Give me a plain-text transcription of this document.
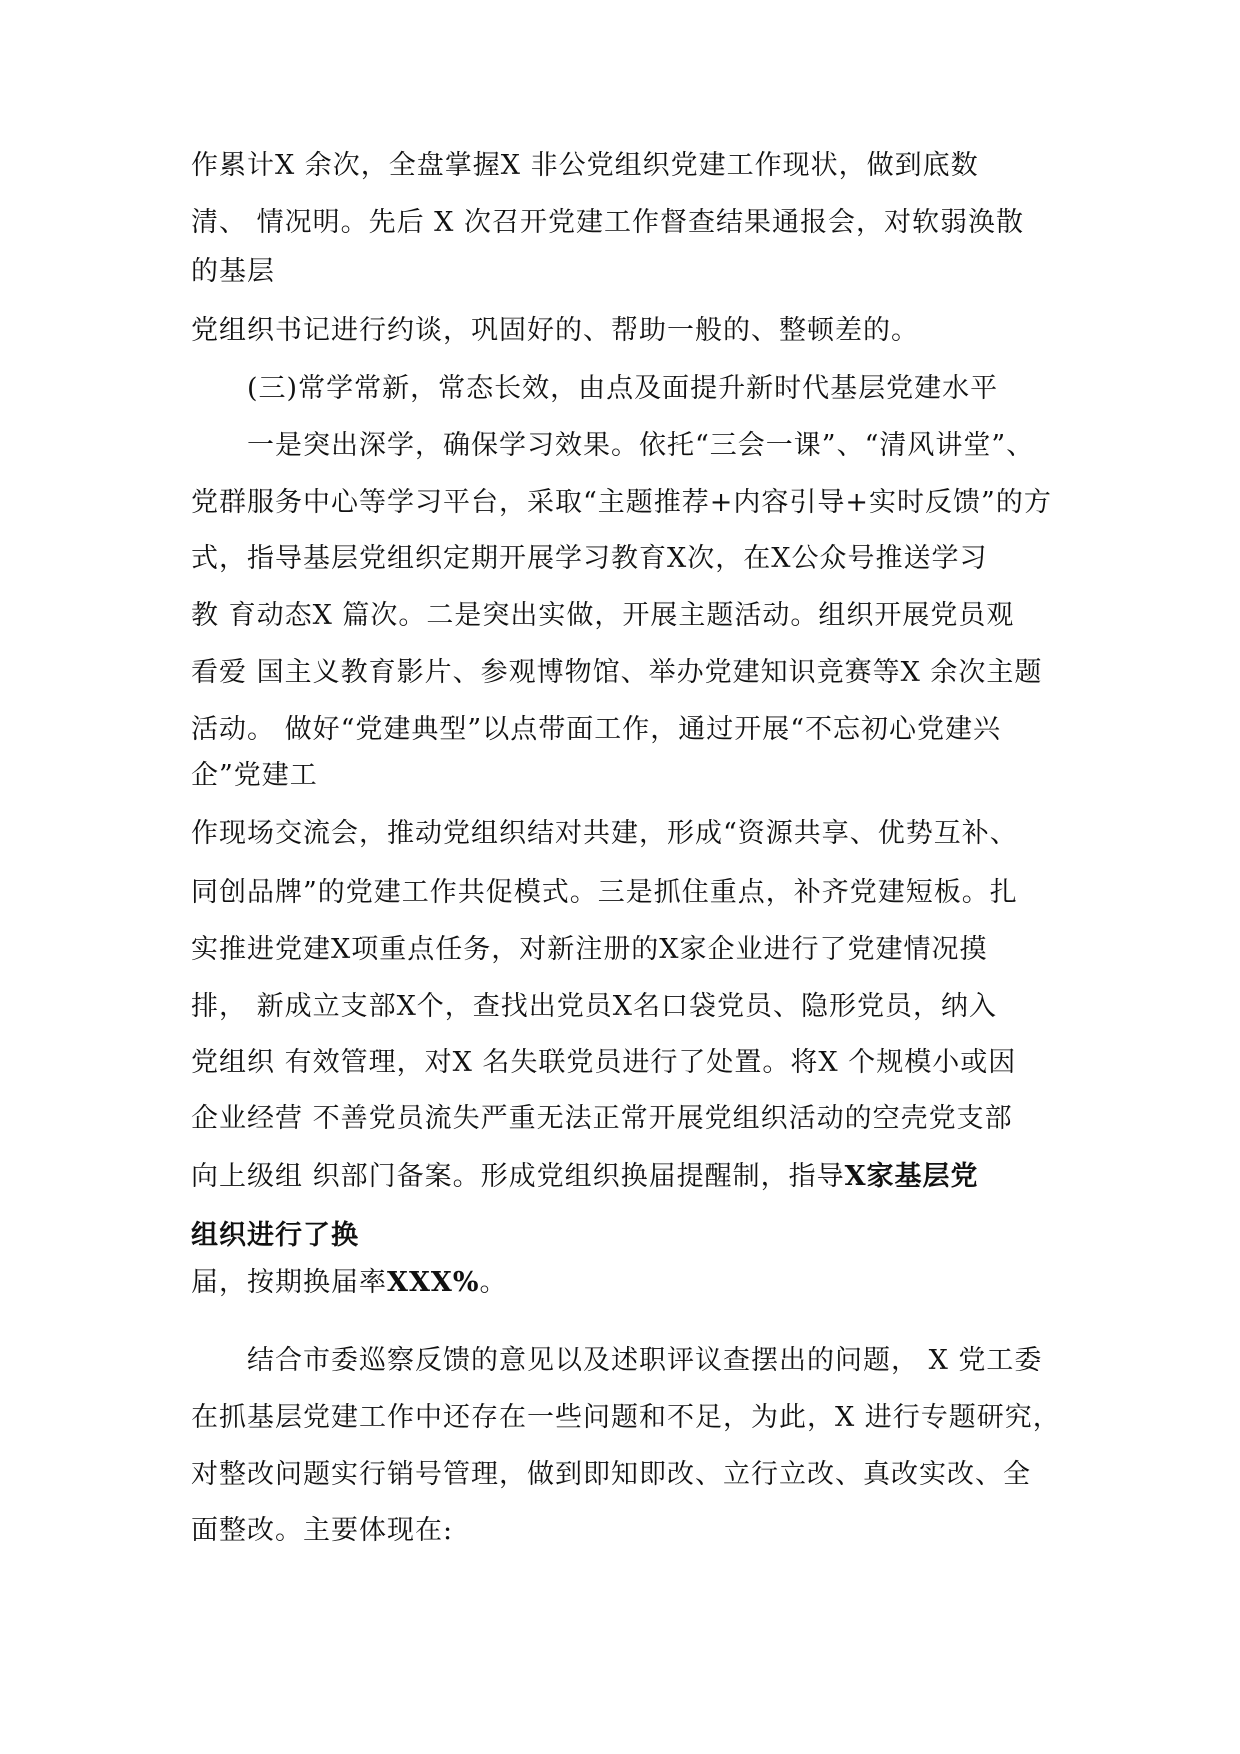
作累计X 余次，全盘掌握X 非公党组织党建工作现状，做到底数
清、 情况明。先后 X 次召开党建工作督查结果通报会，对软弱涣散
的基层
党组织书记进行约谈，巩固好的、帮助一般的、整顿差的。
(三)常学常新，常态长效，由点及面提升新时代基层党建水平
一是突出深学，确保学习效果。依托“三会一课”、“清风讲堂”、
党群服务中心等学习平台，采取“主题推荐+内容引导+实时反馈”的方
式，指导基层党组织定期开展学习教育X次，在X公众号推送学习
教 育动态X 篇次。二是突出实做，开展主题活动。组织开展党员观
看爱 国主义教育影片、参观博物馆、举办党建知识竞赛等X 余次主题
活动。 做好“党建典型”以点带面工作，通过开展“不忘初心党建兴
企”党建工
作现场交流会，推动党组织结对共建，形成“资源共享、优势互补、
同创品牌”的党建工作共促模式。三是抓住重点，补齐党建短板。扎
实推进党建X项重点任务，对新注册的X家企业进行了党建情况摸
排， 新成立支部X个，查找出党员X名口袋党员、隐形党员，纳入
党组织 有效管理，对X 名失联党员进行了处置。将X 个规模小或因
企业经营 不善党员流失严重无法正常开展党组织活动的空壳党支部
向上级组 织部门备案。形成党组织换届提醒制，指导X家基层党
组织进行了换
届，按期换届率XXX%。
结合市委巡察反馈的意见以及述职评议查摆出的问题， X 党工委
在抓基层党建工作中还存在一些问题和不足，为此，X 进行专题研究，
对整改问题实行销号管理，做到即知即改、立行立改、真改实改、全
面整改。主要体现在:
